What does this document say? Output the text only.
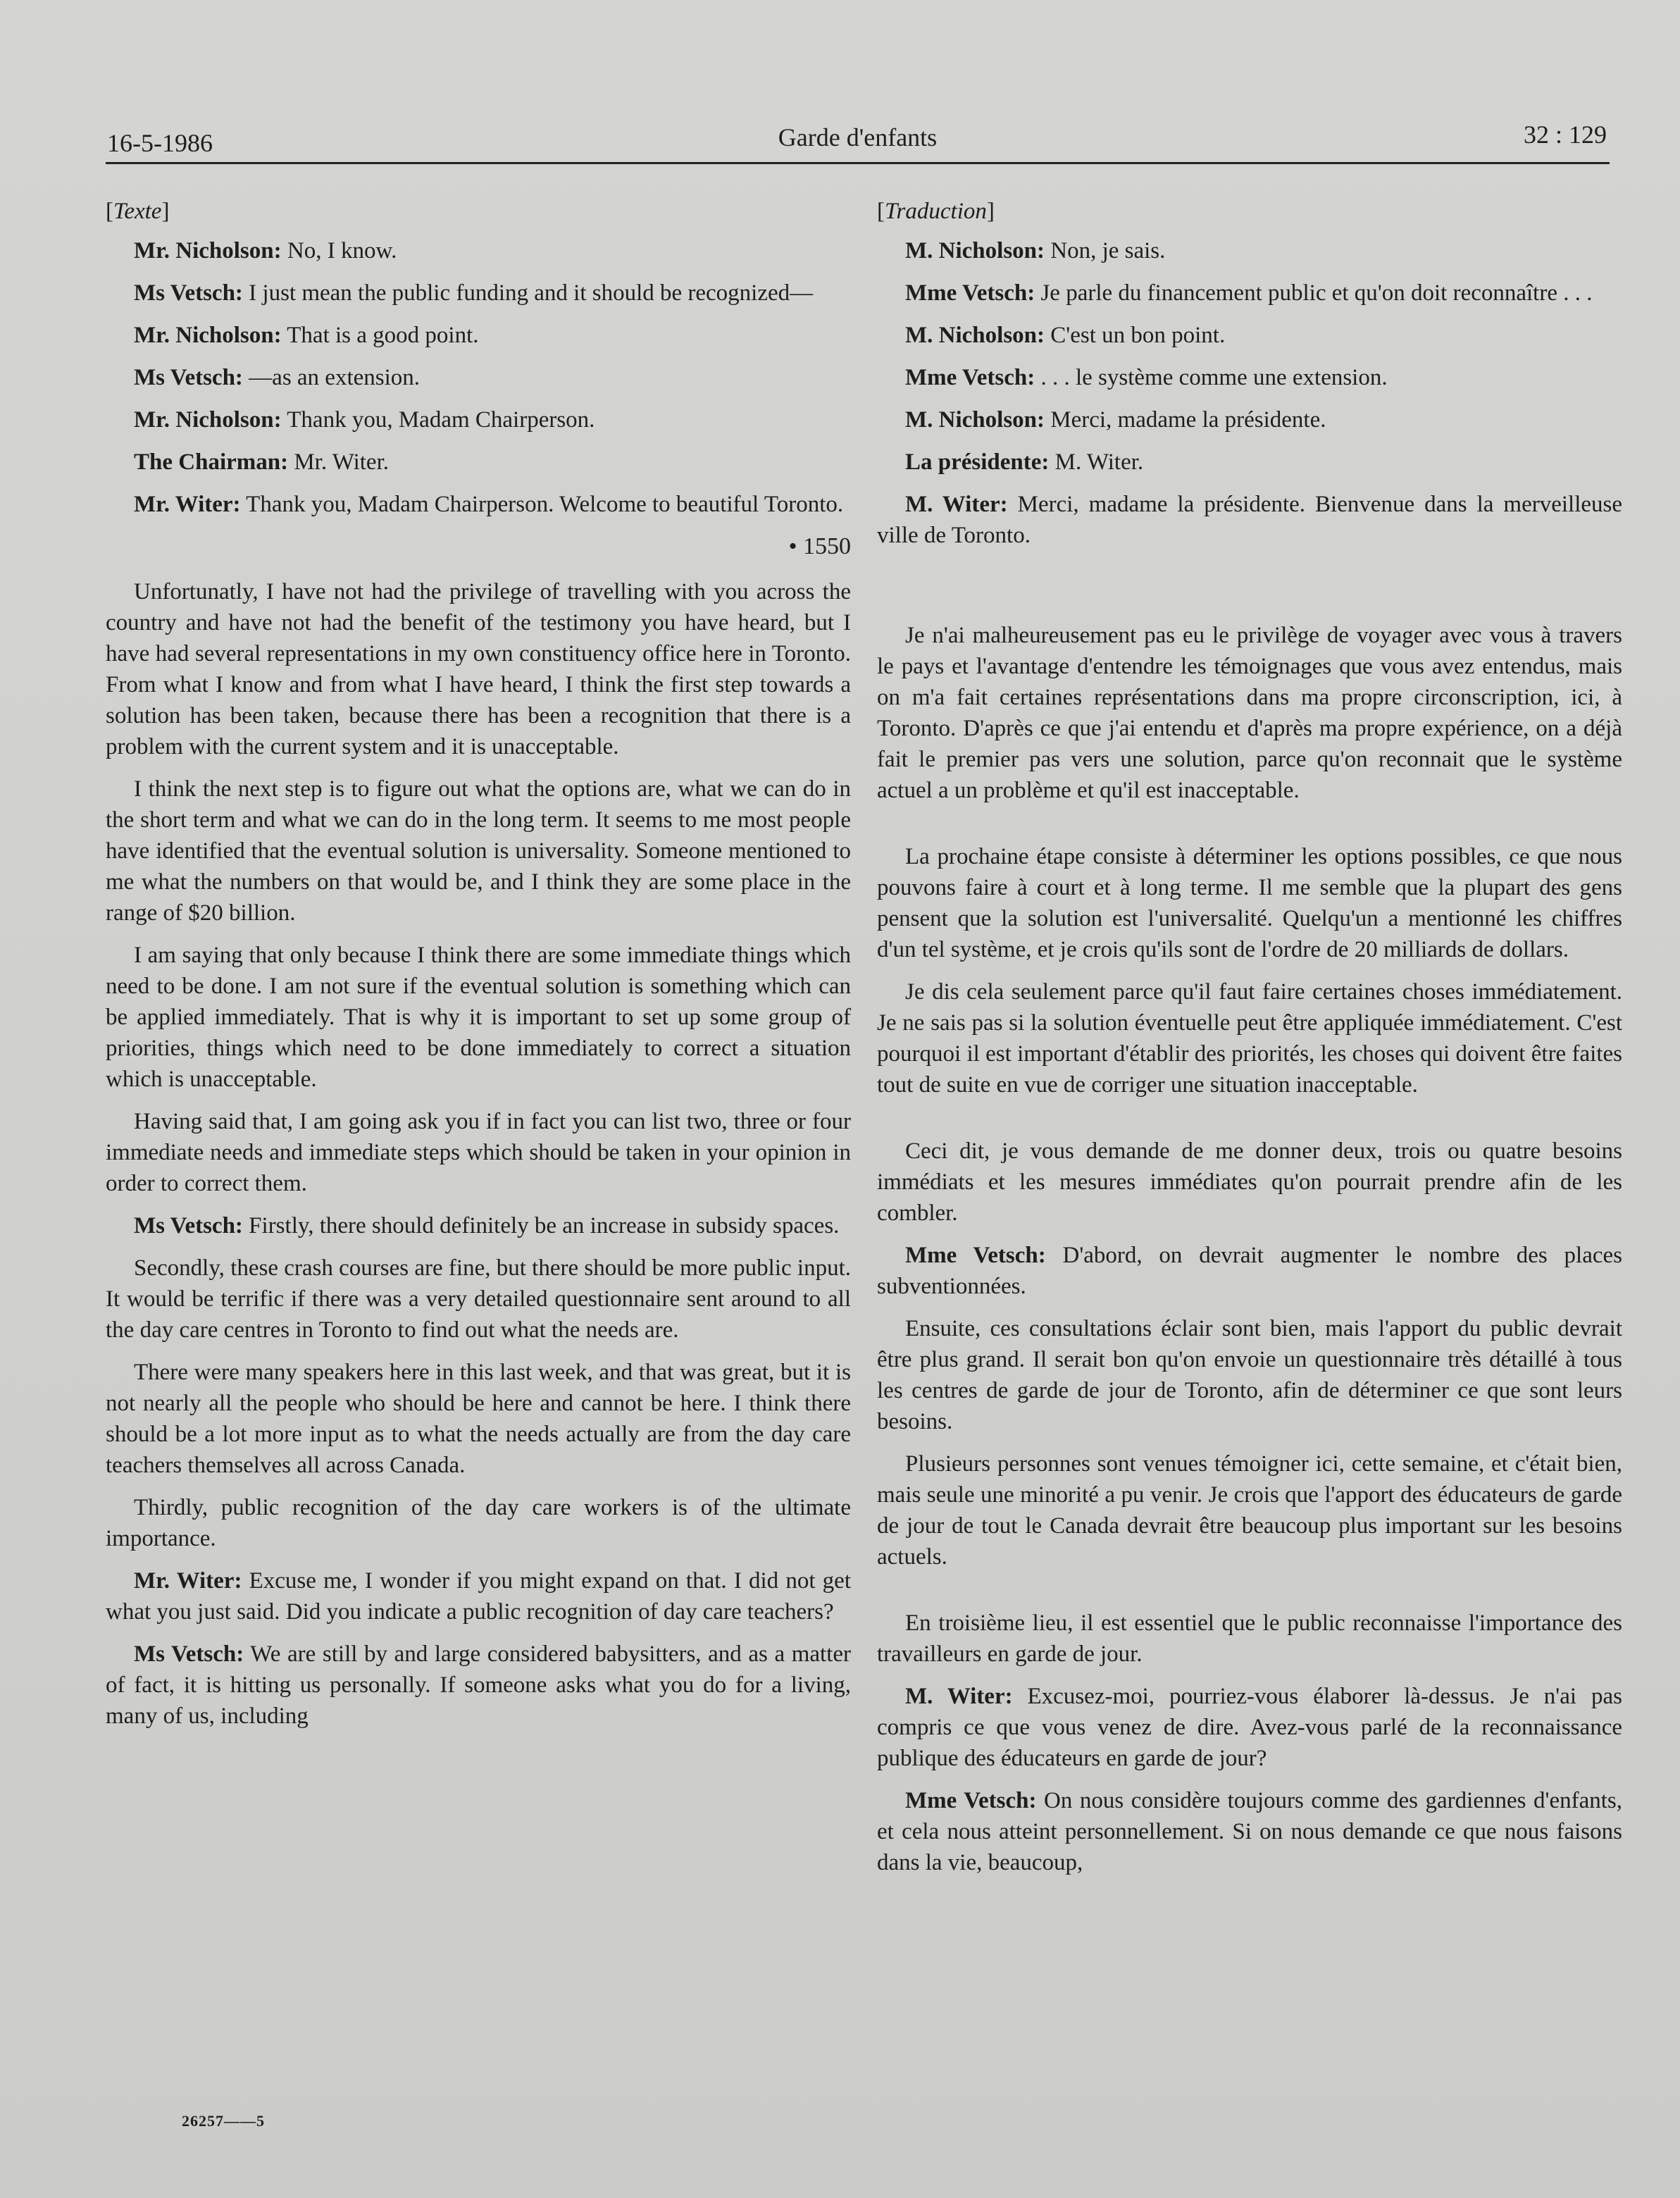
16-5-1986	Garde d'enfants	32 : 129

[Texte]

Mr. Nicholson: No, I know.

Ms Vetsch: I just mean the public funding and it should be recognized—

Mr. Nicholson: That is a good point.

Ms Vetsch: —as an extension.

Mr. Nicholson: Thank you, Madam Chairperson.

The Chairman: Mr. Witer.

Mr. Witer: Thank you, Madam Chairperson. Welcome to beautiful Toronto.

• 1550

Unfortunatly, I have not had the privilege of travelling with you across the country and have not had the benefit of the testimony you have heard, but I have had several representations in my own constituency office here in Toronto. From what I know and from what I have heard, I think the first step towards a solution has been taken, because there has been a recognition that there is a problem with the current system and it is unacceptable.

I think the next step is to figure out what the options are, what we can do in the short term and what we can do in the long term. It seems to me most people have identified that the eventual solution is universality. Someone mentioned to me what the numbers on that would be, and I think they are some place in the range of $20 billion.

I am saying that only because I think there are some immediate things which need to be done. I am not sure if the eventual solution is something which can be applied immediately. That is why it is important to set up some group of priorities, things which need to be done immediately to correct a situation which is unacceptable.

Having said that, I am going ask you if in fact you can list two, three or four immediate needs and immediate steps which should be taken in your opinion in order to correct them.

Ms Vetsch: Firstly, there should definitely be an increase in subsidy spaces.

Secondly, these crash courses are fine, but there should be more public input. It would be terrific if there was a very detailed questionnaire sent around to all the day care centres in Toronto to find out what the needs are.

There were many speakers here in this last week, and that was great, but it is not nearly all the people who should be here and cannot be here. I think there should be a lot more input as to what the needs actually are from the day care teachers themselves all across Canada.

Thirdly, public recognition of the day care workers is of the ultimate importance.

Mr. Witer: Excuse me, I wonder if you might expand on that. I did not get what you just said. Did you indicate a public recognition of day care teachers?

Ms Vetsch: We are still by and large considered babysitters, and as a matter of fact, it is hitting us personally. If someone asks what you do for a living, many of us, including

[Traduction]

M. Nicholson: Non, je sais.

Mme Vetsch: Je parle du financement public et qu'on doit reconnaître . . .

M. Nicholson: C'est un bon point.

Mme Vetsch: . . . le système comme une extension.

M. Nicholson: Merci, madame la présidente.

La présidente: M. Witer.

M. Witer: Merci, madame la présidente. Bienvenue dans la merveilleuse ville de Toronto.

Je n'ai malheureusement pas eu le privilège de voyager avec vous à travers le pays et l'avantage d'entendre les témoignages que vous avez entendus, mais on m'a fait certaines représentations dans ma propre circonscription, ici, à Toronto. D'après ce que j'ai entendu et d'après ma propre expérience, on a déjà fait le premier pas vers une solution, parce qu'on reconnait que le système actuel a un problème et qu'il est inacceptable.

La prochaine étape consiste à déterminer les options possibles, ce que nous pouvons faire à court et à long terme. Il me semble que la plupart des gens pensent que la solution est l'universalité. Quelqu'un a mentionné les chiffres d'un tel système, et je crois qu'ils sont de l'ordre de 20 milliards de dollars.

Je dis cela seulement parce qu'il faut faire certaines choses immédiatement. Je ne sais pas si la solution éventuelle peut être appliquée immédiatement. C'est pourquoi il est important d'établir des priorités, les choses qui doivent être faites tout de suite en vue de corriger une situation inacceptable.

Ceci dit, je vous demande de me donner deux, trois ou quatre besoins immédiats et les mesures immédiates qu'on pourrait prendre afin de les combler.

Mme Vetsch: D'abord, on devrait augmenter le nombre des places subventionnées.

Ensuite, ces consultations éclair sont bien, mais l'apport du public devrait être plus grand. Il serait bon qu'on envoie un questionnaire très détaillé à tous les centres de garde de jour de Toronto, afin de déterminer ce que sont leurs besoins.

Plusieurs personnes sont venues témoigner ici, cette semaine, et c'était bien, mais seule une minorité a pu venir. Je crois que l'apport des éducateurs de garde de jour de tout le Canada devrait être beaucoup plus important sur les besoins actuels.

En troisième lieu, il est essentiel que le public reconnaisse l'importance des travailleurs en garde de jour.

M. Witer: Excusez-moi, pourriez-vous élaborer là-dessus. Je n'ai pas compris ce que vous venez de dire. Avez-vous parlé de la reconnaissance publique des éducateurs en garde de jour?

Mme Vetsch: On nous considère toujours comme des gardiennes d'enfants, et cela nous atteint personnellement. Si on nous demande ce que nous faisons dans la vie, beaucoup,

26257——5
